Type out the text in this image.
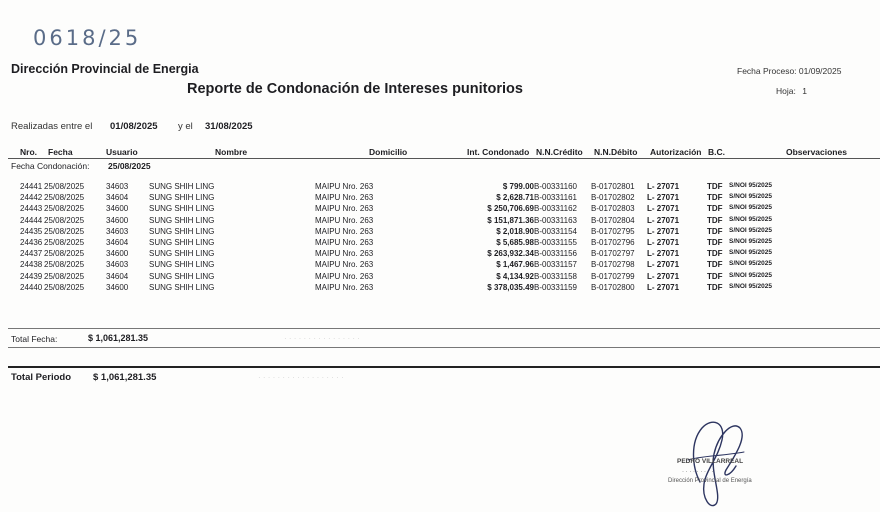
0618/25
Dirección Provincial de Energia
Reporte de Condonación de Intereses punitorios
Fecha Proceso: 01/09/2025
Hoja: 1
Realizadas entre el 01/08/2025 y el 31/08/2025
Nro. Fecha	Usuario	Nombre	Domicilio	Int. Condonado N.N.Crédito N.N.Débito Autorización B.C.	Observaciones
Fecha Condonación: 25/08/2025
24441 25/08/2025	34603	SUNG SHIH LING	MAIPU Nro. 263	$ 799.00 B-00331160 B-01702801 L- 27071	TDF S/NOI 95/2025
24442 25/08/2025	34604	SUNG SHIH LING	MAIPU Nro. 263	$ 2,628.71 B-00331161 B-01702802 L- 27071	TDF S/NOI 95/2025
24443 25/08/2025	34600	SUNG SHIH LING	MAIPU Nro. 263	$ 250,706.69 B-00331162 B-01702803 L- 27071	TDF S/NOI 95/2025
24444 25/08/2025	34600	SUNG SHIH LING	MAIPU Nro. 263	$ 151,871.36 B-00331163 B-01702804 L- 27071	TDF S/NOI 95/2025
24435 25/08/2025	34603	SUNG SHIH LING	MAIPU Nro. 263	$ 2,018.90 B-00331154 B-01702795 L- 27071	TDF S/NOI 95/2025
24436 25/08/2025	34604	SUNG SHIH LING	MAIPU Nro. 263	$ 5,685.98 B-00331155 B-01702796 L- 27071	TDF S/NOI 95/2025
24437 25/08/2025	34600	SUNG SHIH LING	MAIPU Nro. 263	$ 263,932.34 B-00331156 B-01702797 L- 27071	TDF S/NOI 95/2025
24438 25/08/2025	34603	SUNG SHIH LING	MAIPU Nro. 263	$ 1,467.96 B-00331157 B-01702798 L- 27071	TDF S/NOI 95/2025
24439 25/08/2025	34604	SUNG SHIH LING	MAIPU Nro. 263	$ 4,134.92 B-00331158 B-01702799 L- 27071	TDF S/NOI 95/2025
24440 25/08/2025	34600	SUNG SHIH LING	MAIPU Nro. 263	$ 378,035.49 B-00331159 B-01702800 L- 27071	TDF S/NOI 95/2025
Total Fecha:	$ 1,061,281.35	· · · · · · · · · · · · · · · ·
Total Periodo $ 1,061,281.35	· · · · · · · · · · · · · · · · · ·
PEDRO VILLARREAL
· · · · · · · · ·
Dirección Provincial de Energía
